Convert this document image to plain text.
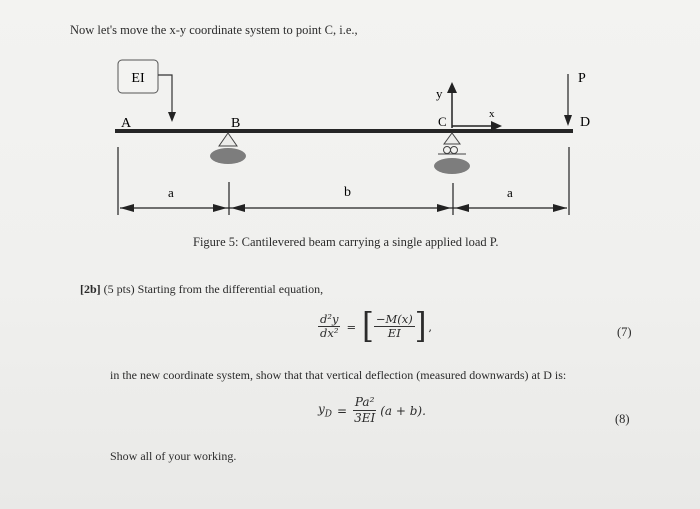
Now let's move the x-y coordinate system to point C, i.e.,
EI
A	B	C	D
P
y
x
a	b	a
Figure 5: Cantilevered beam carrying a single applied load P.
[2b] (5 pts) Starting from the differential equation,
$\frac{\text{d²y}}{\text{dx²}}$ = [ $\frac{-M(x)}{EI}$ ] ,	(7)
in the new coordinate system, show that that vertical deflection (measured downwards) at D is:
$y_D = \frac{\text{Pa²}}{3EI} (a + b)$.
(8)
Show all of your working.
